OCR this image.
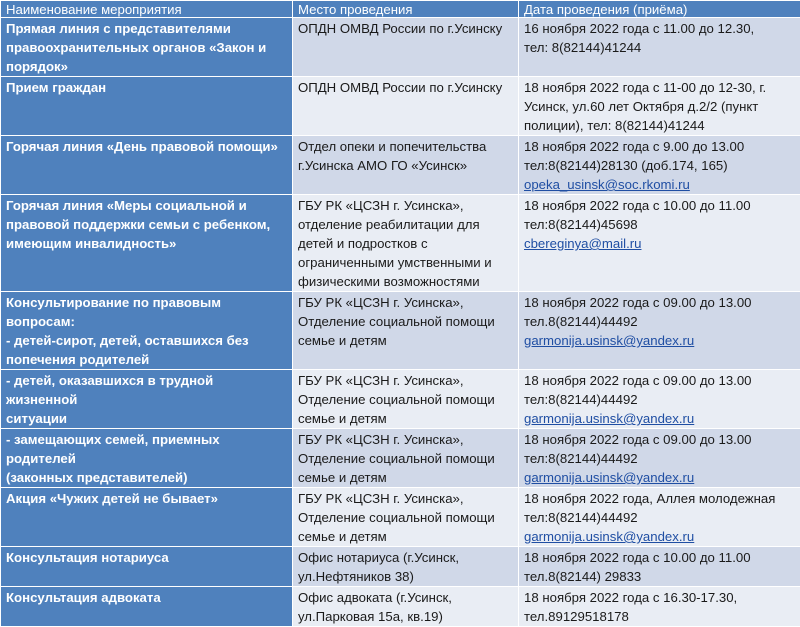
Наименование мероприятия	Место проведения	Дата проведения (приёма)

Прямая линия с представителями
правоохранительных органов «Закон и
порядок»	ОПДН ОМВД России по г.Усинску	16 ноября 2022 года с 11.00 до 12.30,
тел: 8(82144)41244

Прием граждан	ОПДН ОМВД России по г.Усинску	18 ноября 2022 года с 11-00 до 12-30, г.
Усинск, ул.60 лет Октября д.2/2 (пункт
полиции), тел: 8(82144)41244

Горячая линия «День правовой помощи»	Отдел опеки и попечительства
г.Усинска АМО ГО «Усинск»	18 ноября 2022 года с 9.00 до 13.00
тел:8(82144)28130 (доб.174, 165)
opeka_usinsk@soc.rkomi.ru

Горячая линия «Меры социальной и
правовой поддержки семьи с ребенком,
имеющим инвалидность»	ГБУ РК «ЦСЗН г. Усинска»,
отделение реабилитации для
детей и подростков с
ограниченными умственными и
физическими возможностями	18 ноября 2022 года с 10.00 до 11.00
тел:8(82144)45698
cbereginya@mail.ru

Консультирование по правовым вопросам:
- детей-сирот, детей, оставшихся без
попечения родителей	ГБУ РК «ЦСЗН г. Усинска»,
Отделение социальной помощи
семье и детям	18 ноября 2022 года с 09.00 до 13.00
тел.8(82144)44492
garmonija.usinsk@yandex.ru

- детей, оказавшихся в трудной жизненной
ситуации	ГБУ РК «ЦСЗН г. Усинска»,
Отделение социальной помощи
семье и детям	18 ноября 2022 года с 09.00 до 13.00
тел:8(82144)44492
garmonija.usinsk@yandex.ru

- замещающих семей, приемных родителей
(законных представителей)	ГБУ РК «ЦСЗН г. Усинска»,
Отделение социальной помощи
семье и детям	18 ноября 2022 года с 09.00 до 13.00
тел:8(82144)44492
garmonija.usinsk@yandex.ru

Акция «Чужих детей не бывает»	ГБУ РК «ЦСЗН г. Усинска»,
Отделение социальной помощи
семье и детям	18 ноября 2022 года, Аллея молодежная
тел:8(82144)44492
garmonija.usinsk@yandex.ru

Консультация нотариуса	Офис нотариуса (г.Усинск,
ул.Нефтяников 38)	18 ноября 2022 года с 10.00 до 11.00
тел.8(82144) 29833

Консультация адвоката	Офис адвоката (г.Усинск,
ул.Парковая 15а, кв.19)	18 ноября 2022 года с 16.30-17.30,
тел.89129518178
